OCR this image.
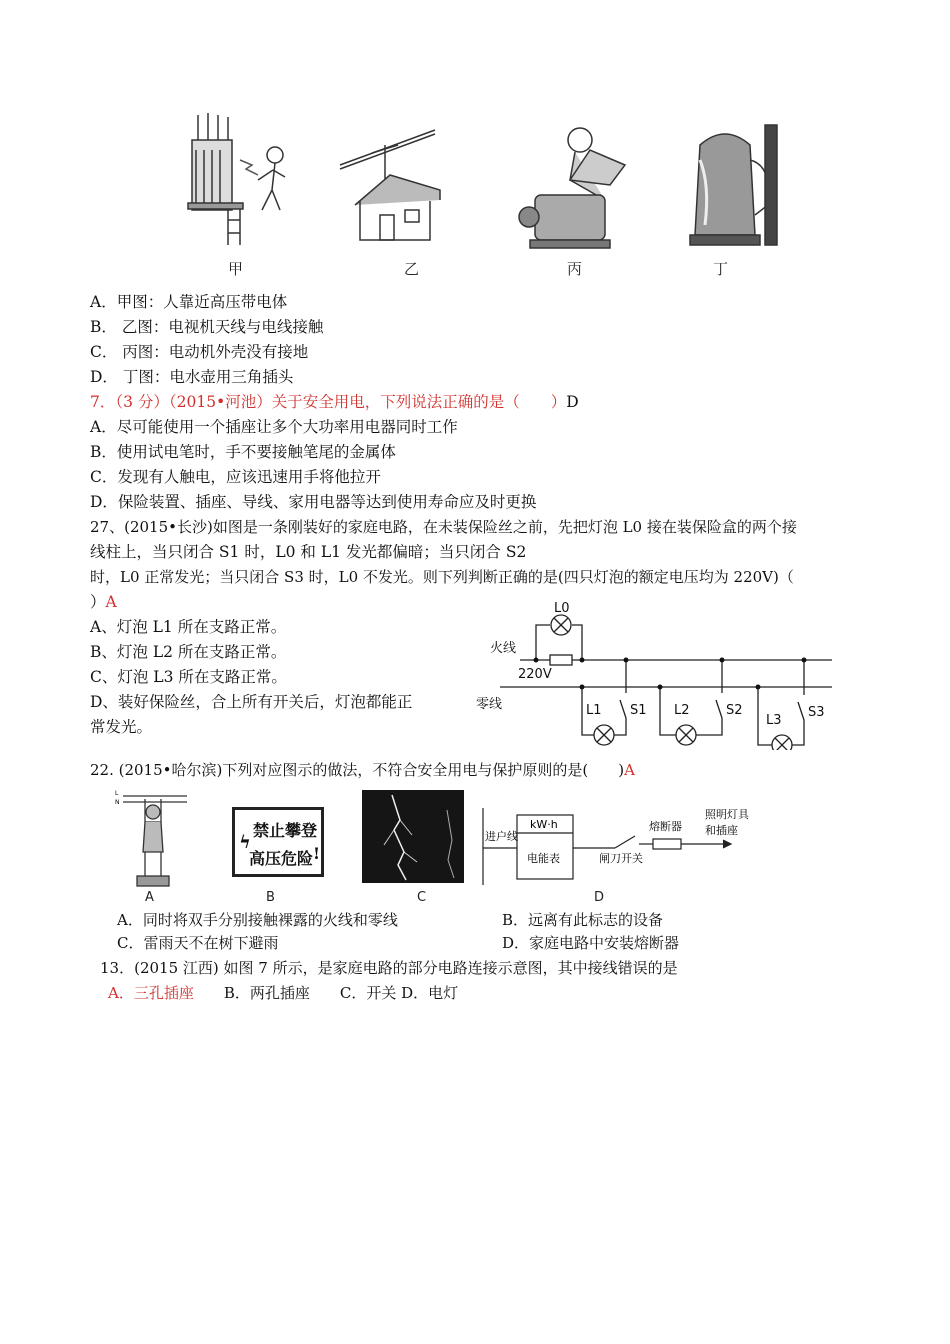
甲	乙	丙	丁
A．甲图：人靠近高压带电体
B． 乙图：电视机天线与电线接触
C． 丙图：电动机外壳没有接地
D． 丁图：电水壶用三角插头
7．（3 分）（2015•河池）关于安全用电，下列说法正确的是（　　）D
A．尽可能使用一个插座让多个大功率用电器同时工作
B．使用试电笔时，手不要接触笔尾的金属体
C．发现有人触电，应该迅速用手将他拉开
D．保险装置、插座、导线、家用电器等达到使用寿命应及时更换
27、(2015•长沙)如图是一条刚装好的家庭电路，在未装保险丝之前，先把灯泡 L0 接在装保险盒的两个接
线柱上，当只闭合 S1 时，L0 和 L1 发光都偏暗；当只闭合 S2
时，L0 正常发光；当只闭合 S3 时，L0 不发光。则下列判断正确的是(四只灯泡的额定电压均为 220V)（
）A
A、灯泡 L1 所在支路正常。
B、灯泡 L2 所在支路正常。
C、灯泡 L3 所在支路正常。
D、装好保险丝，合上所有开关后，灯泡都能正
常发光。
火线
零线
220V
L0
L1 S1 L2	S2
L3
S3
22. (2015•哈尔滨)下列对应图示的做法，不符合安全用电与保护原则的是(　　)A
L
N
A
ϟ
禁止攀登
高压危险 !
B	C
进户线
kW·h
电能表	闸刀开关
熔断器
照明灯具
和插座
D
A．同时将双手分别接触裸露的火线和零线	B．远离有此标志的设备
C．雷雨天不在树下避雨	D．家庭电路中安装熔断器
13．(2015 江西) 如图 7 所示，是家庭电路的部分电路连接示意图，其中接线错误的是
A．三孔插座 B．两孔插座　　C．开关 D．电灯
